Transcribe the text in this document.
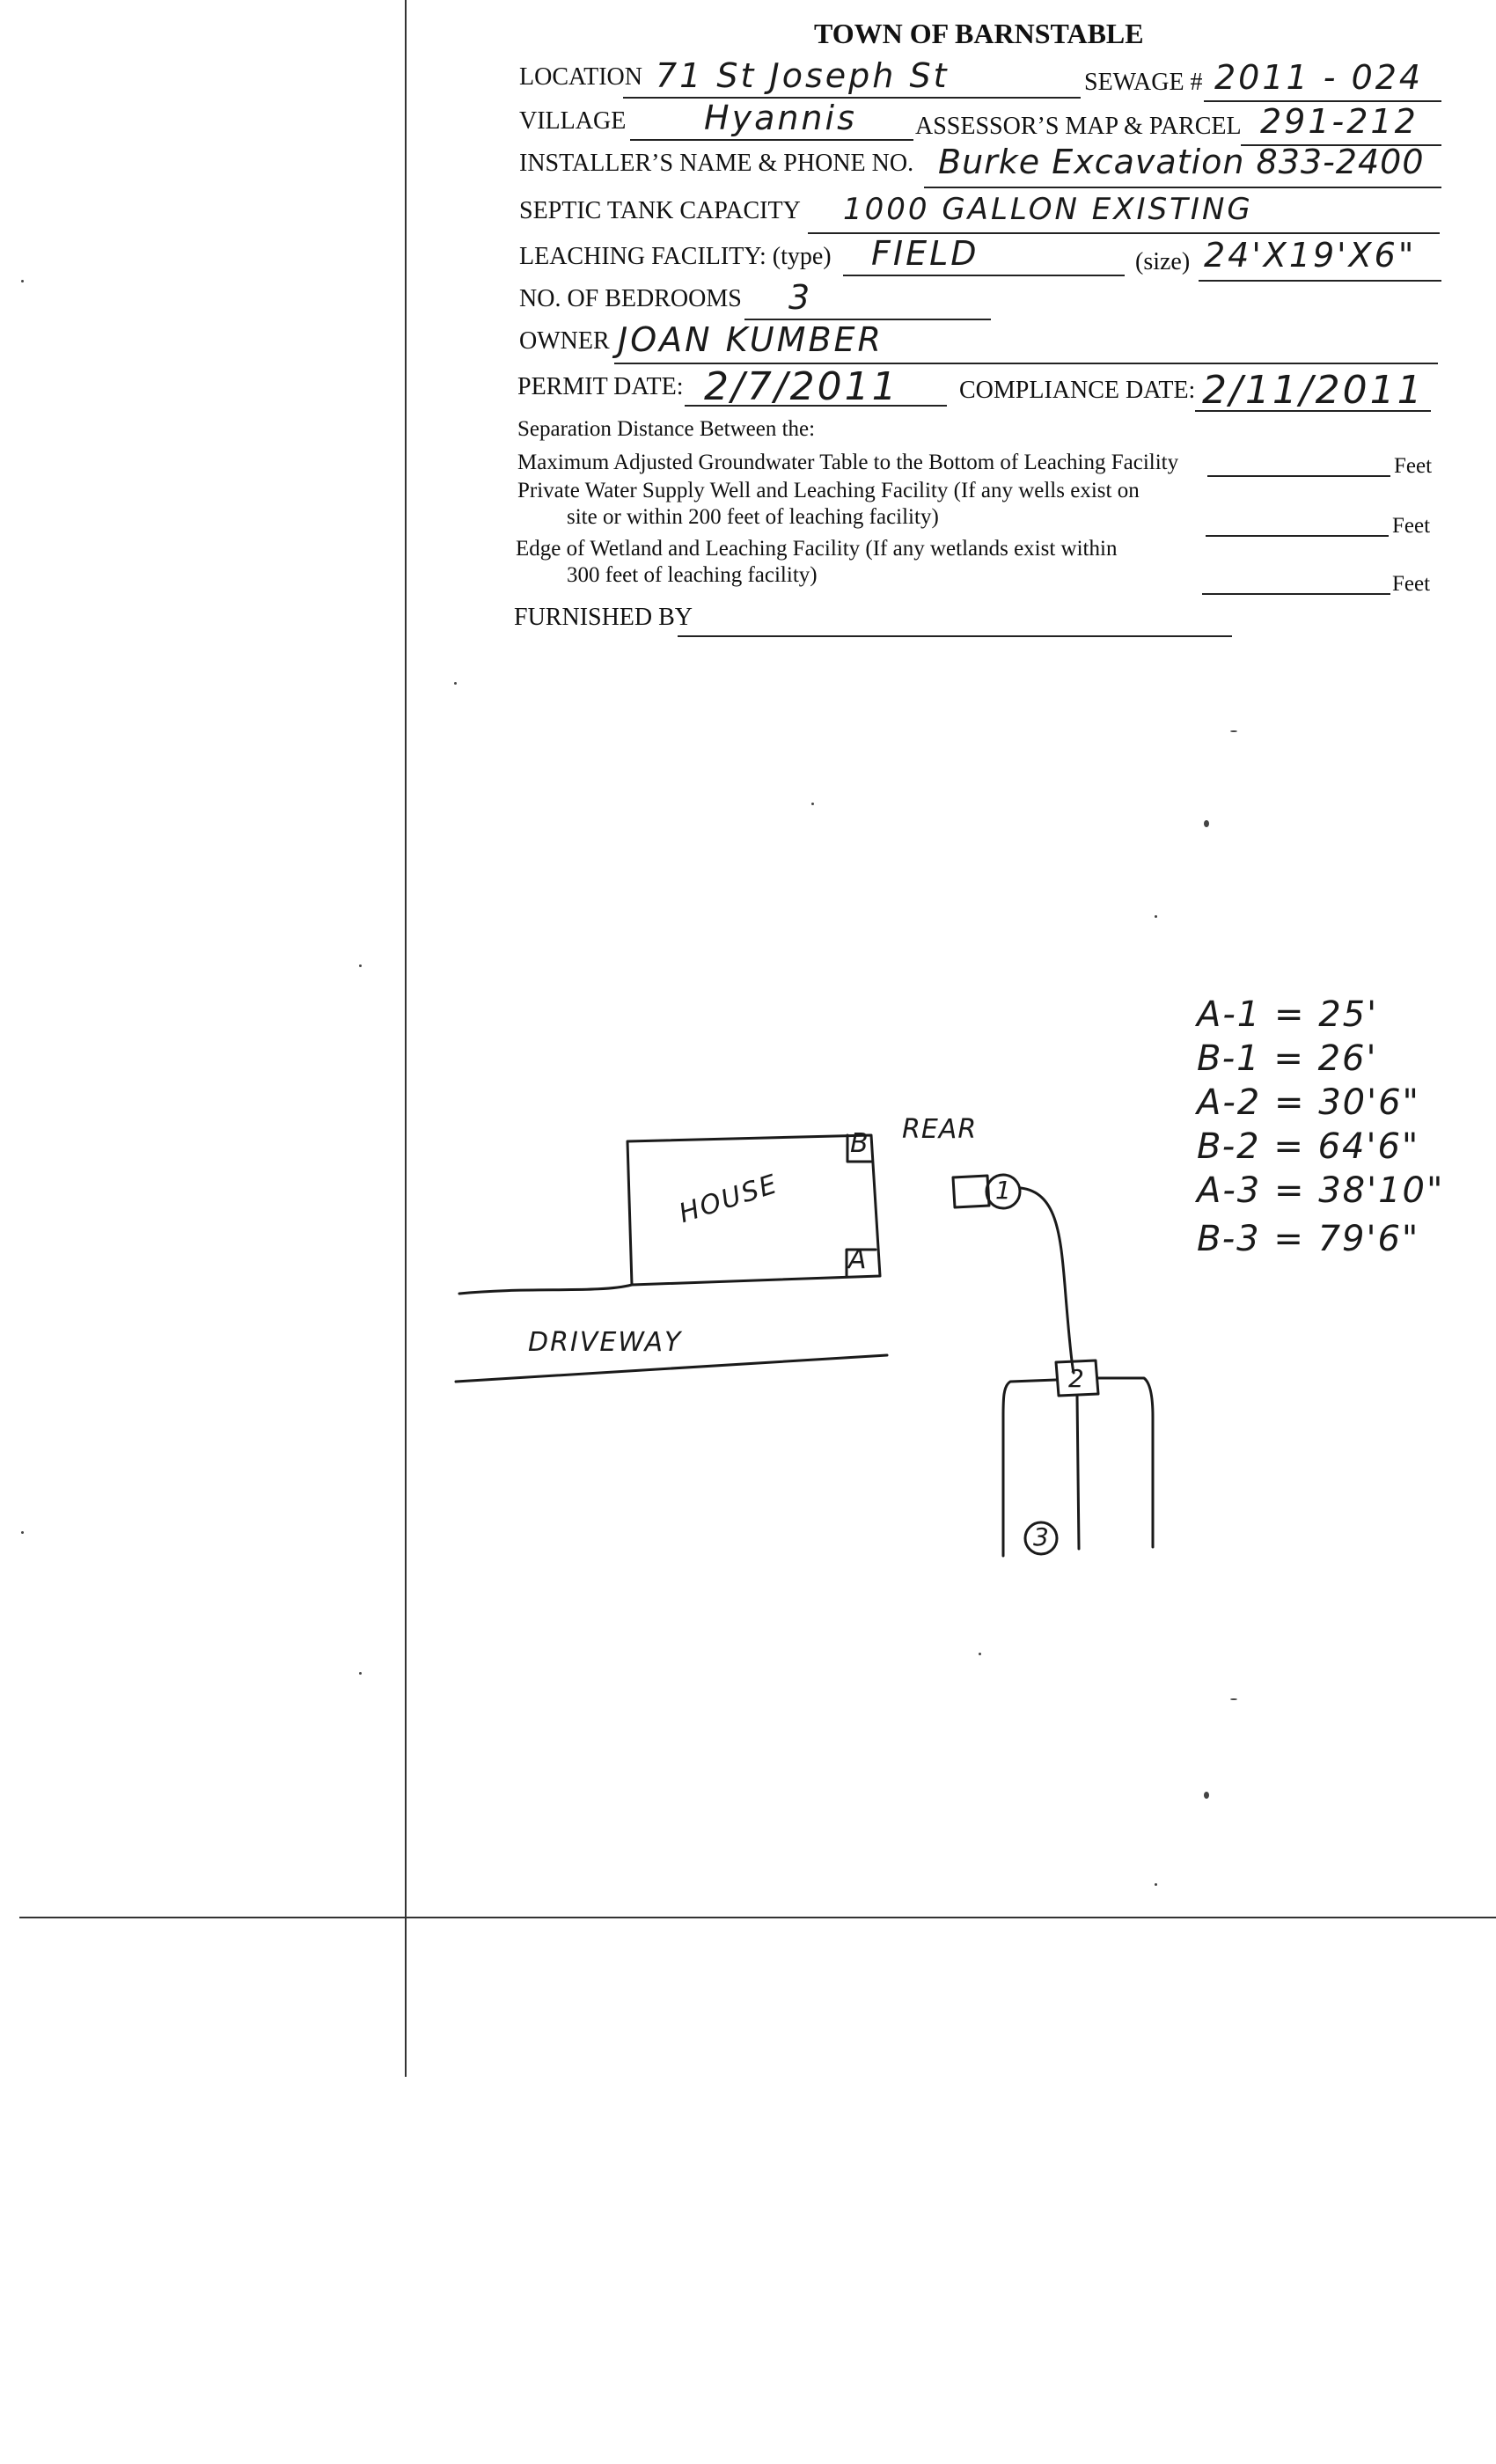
TOWN OF BARNSTABLE
LOCATION 71 St Joseph St	SEWAGE # 2011 - 024
VILLAGE Hyannis ASSESSOR’S MAP & PARCEL 291-212
INSTALLER’S NAME & PHONE NO. Burke Excavation 833-2400
SEPTIC TANK CAPACITY 1000 GALLON EXISTING
LEACHING FACILITY: (type) FIELD	(size) 24'X19'X6"
NO. OF BEDROOMS 3
OWNER JOAN KUMBER
PERMIT DATE: 2/7/2011 COMPLIANCE DATE: 2/11/2011
Separation Distance Between the:
Maximum Adjusted Groundwater Table to the Bottom of Leaching Facility	Feet
Private Water Supply Well and Leaching Facility (If any wells exist on
site or within 200 feet of leaching facility)	Feet
Edge of Wetland and Leaching Facility (If any wetlands exist within
300 feet of leaching facility)	Feet
FURNISHED BY
HOUSE
DRIVEWAY
REAR
B
A
1
2
3
A-1 = 25'
B-1 = 26'
A-2 = 30'6"
B-2 = 64'6"
A-3 = 38'10"
B-3 = 79'6"
